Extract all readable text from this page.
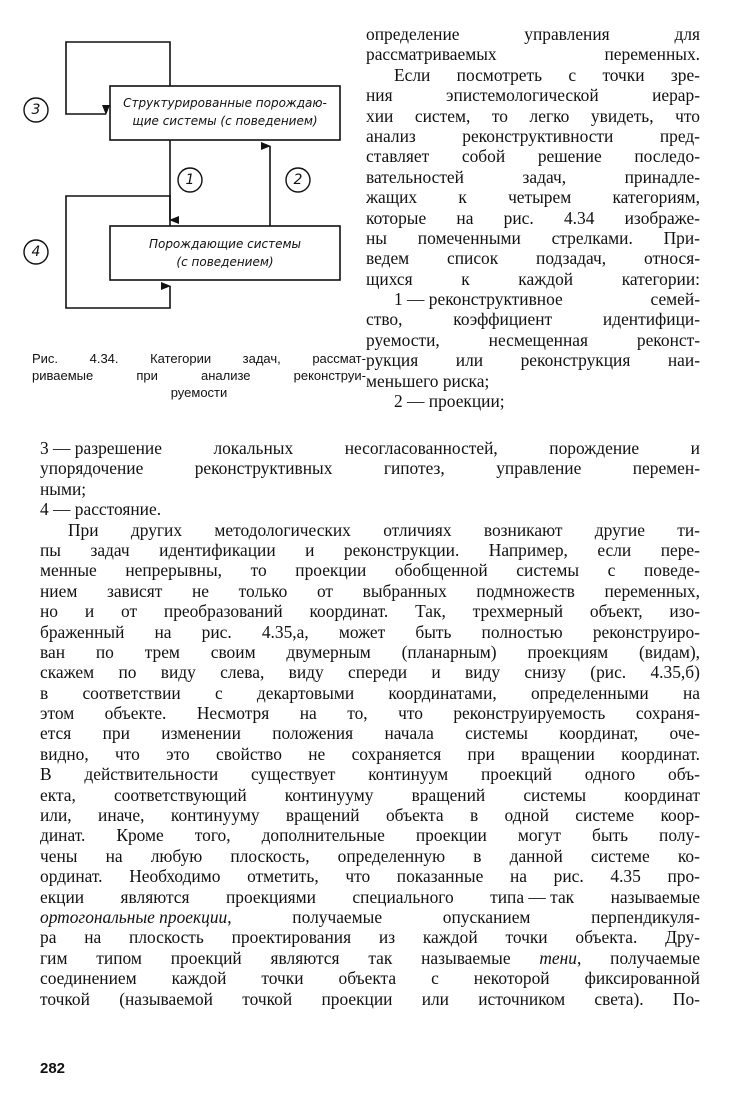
3
1	2
4
Структурированные порождаю-
щие системы (с поведением)
Порождающие системы
(с поведением)
Рис. 4.34. Категории задач, рассмат-
риваемые	при	анализе	реконструи-
руемости
определение	управления	для
рассматриваемых	переменных.
Если посмотреть с точки зре-
ния	эпистемологической	иерар-
хии систем, то легко увидеть, что
анализ	реконструктивности	пред-
ставляет собой решение последо-
вательностей	задач,	принадле-
жащих к четырем категориям,
которые на рис. 4.34 изображе-
ны помеченными стрелками. При-
ведем список подзадач, относя-
щихся	к	каждой	категории:
1 — реконструктивное	семей-
ство,	коэффициент	идентифици-
руемости,	несмещенная	реконст-
рукция или реконструкция наи-
меньшего риска;
2 — проекции;
3 — разрешение	локальных	несогласованностей,	порождение	и
упорядочение	реконструктивных	гипотез,	управление	перемен-
ными;
4 — расстояние.
При других методологических отличиях возникают другие ти-
пы задач идентификации и реконструкции. Например, если пере-
менные непрерывны, то проекции обобщенной системы с поведе-
нием зависят не только от выбранных подмножеств переменных,
но и от преобразований координат. Так, трехмерный объект, изо-
браженный на рис. 4.35,а, может быть полностью реконструиро-
ван по трем своим двумерным (планарным) проекциям (видам),
скажем по виду слева, виду спереди и виду снизу (рис. 4.35,б)
в соответствии с декартовыми координатами, определенными на
этом объекте. Несмотря на то, что реконструируемость сохраня-
ется при изменении положения начала системы координат, оче-
видно, что это свойство не сохраняется при вращении координат.
В действительности существует континуум проекций одного объ-
екта, соответствующий континууму вращений системы координат
или, иначе, континууму вращений объекта в одной системе коор-
динат. Кроме того, дополнительные проекции могут быть полу-
чены на любую плоскость, определенную в данной системе ко-
ординат. Необходимо отметить, что показанные на рис. 4.35 про-
екции являются проекциями специального типа — так называемые
ортогональные проекции,	получаемые	опусканием	перпендикуля-
ра на плоскость проектирования из каждой точки объекта. Дру-
гим типом проекций являются так называемые тени, получаемые
соединением каждой точки объекта с некоторой фиксированной
точкой (называемой точкой проекции или источником света). По-
282
